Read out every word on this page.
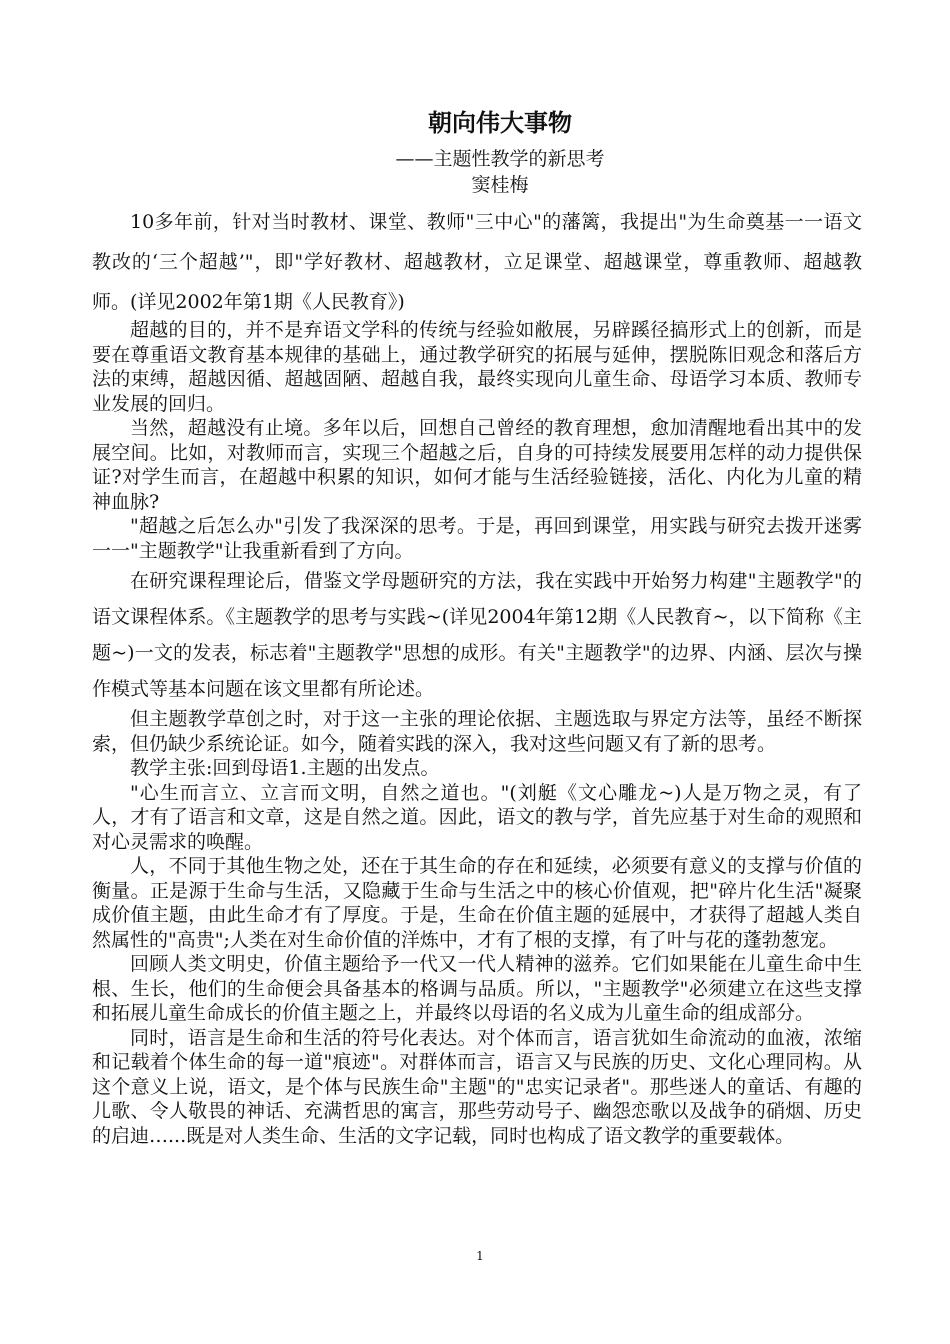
朝向伟大事物
——主题性教学的新思考
窦桂梅

10多年前，针对当时教材、课堂、教师"三中心"的藩篱，我提出"为生命奠基一一语文教改的‘三个超越’"，即"学好教材、超越教材，立足课堂、超越课堂，尊重教师、超越教师。(详见2002年第1期《人民教育》)

超越的目的，并不是弃语文学科的传统与经验如敝展，另辟蹊径搞形式上的创新，而是要在尊重语文教育基本规律的基础上，通过教学研究的拓展与延伸，摆脱陈旧观念和落后方法的束缚，超越因循、超越固陋、超越自我，最终实现向儿童生命、母语学习本质、教师专业发展的回归。

当然，超越没有止境。多年以后，回想自己曾经的教育理想，愈加清醒地看出其中的发展空间。比如，对教师而言，实现三个超越之后，自身的可持续发展要用怎样的动力提供保证?对学生而言，在超越中积累的知识，如何才能与生活经验链接，活化、内化为儿童的精神血脉?

"超越之后怎么办"引发了我深深的思考。于是，再回到课堂，用实践与研究去拨开迷雾一一"主题教学"让我重新看到了方向。

在研究课程理论后，借鉴文学母题研究的方法，我在实践中开始努力构建"主题教学"的语文课程体系。《主题教学的思考与实践~(详见2004年第12期《人民教育~，以下简称《主题~)一文的发表，标志着"主题教学"思想的成形。有关"主题教学"的边界、内涵、层次与操作模式等基本问题在该文里都有所论述。

但主题教学草创之时，对于这一主张的理论依据、主题选取与界定方法等，虽经不断探索，但仍缺少系统论证。如今，随着实践的深入，我对这些问题又有了新的思考。

教学主张:回到母语1.主题的出发点。

"心生而言立、立言而文明，自然之道也。"(刘艇《文心雕龙~)人是万物之灵，有了人，才有了语言和文章，这是自然之道。因此，语文的教与学，首先应基于对生命的观照和对心灵需求的唤醒。

人，不同于其他生物之处，还在于其生命的存在和延续，必须要有意义的支撑与价值的衡量。正是源于生命与生活，又隐藏于生命与生活之中的核心价值观，把"碎片化生活"凝聚成价值主题，由此生命才有了厚度。于是，生命在价值主题的延展中，才获得了超越人类自然属性的"高贵";人类在对生命价值的洋炼中，才有了根的支撑，有了叶与花的蓬勃葱宠。

回顾人类文明史，价值主题给予一代又一代人精神的滋养。它们如果能在儿童生命中生根、生长，他们的生命便会具备基本的格调与品质。所以，"主题教学"必须建立在这些支撑和拓展儿童生命成长的价值主题之上，并最终以母语的名义成为儿童生命的组成部分。

同时，语言是生命和生活的符号化表达。对个体而言，语言犹如生命流动的血液，浓缩和记载着个体生命的每一道"痕迹"。对群体而言，语言又与民族的历史、文化心理同构。从这个意义上说，语文，是个体与民族生命"主题"的"忠实记录者"。那些迷人的童话、有趣的儿歌、令人敬畏的神话、充满哲思的寓言，那些劳动号子、幽怨恋歌以及战争的硝烟、历史的启迪…...既是对人类生命、生活的文字记载，同时也构成了语文教学的重要载体。

1
